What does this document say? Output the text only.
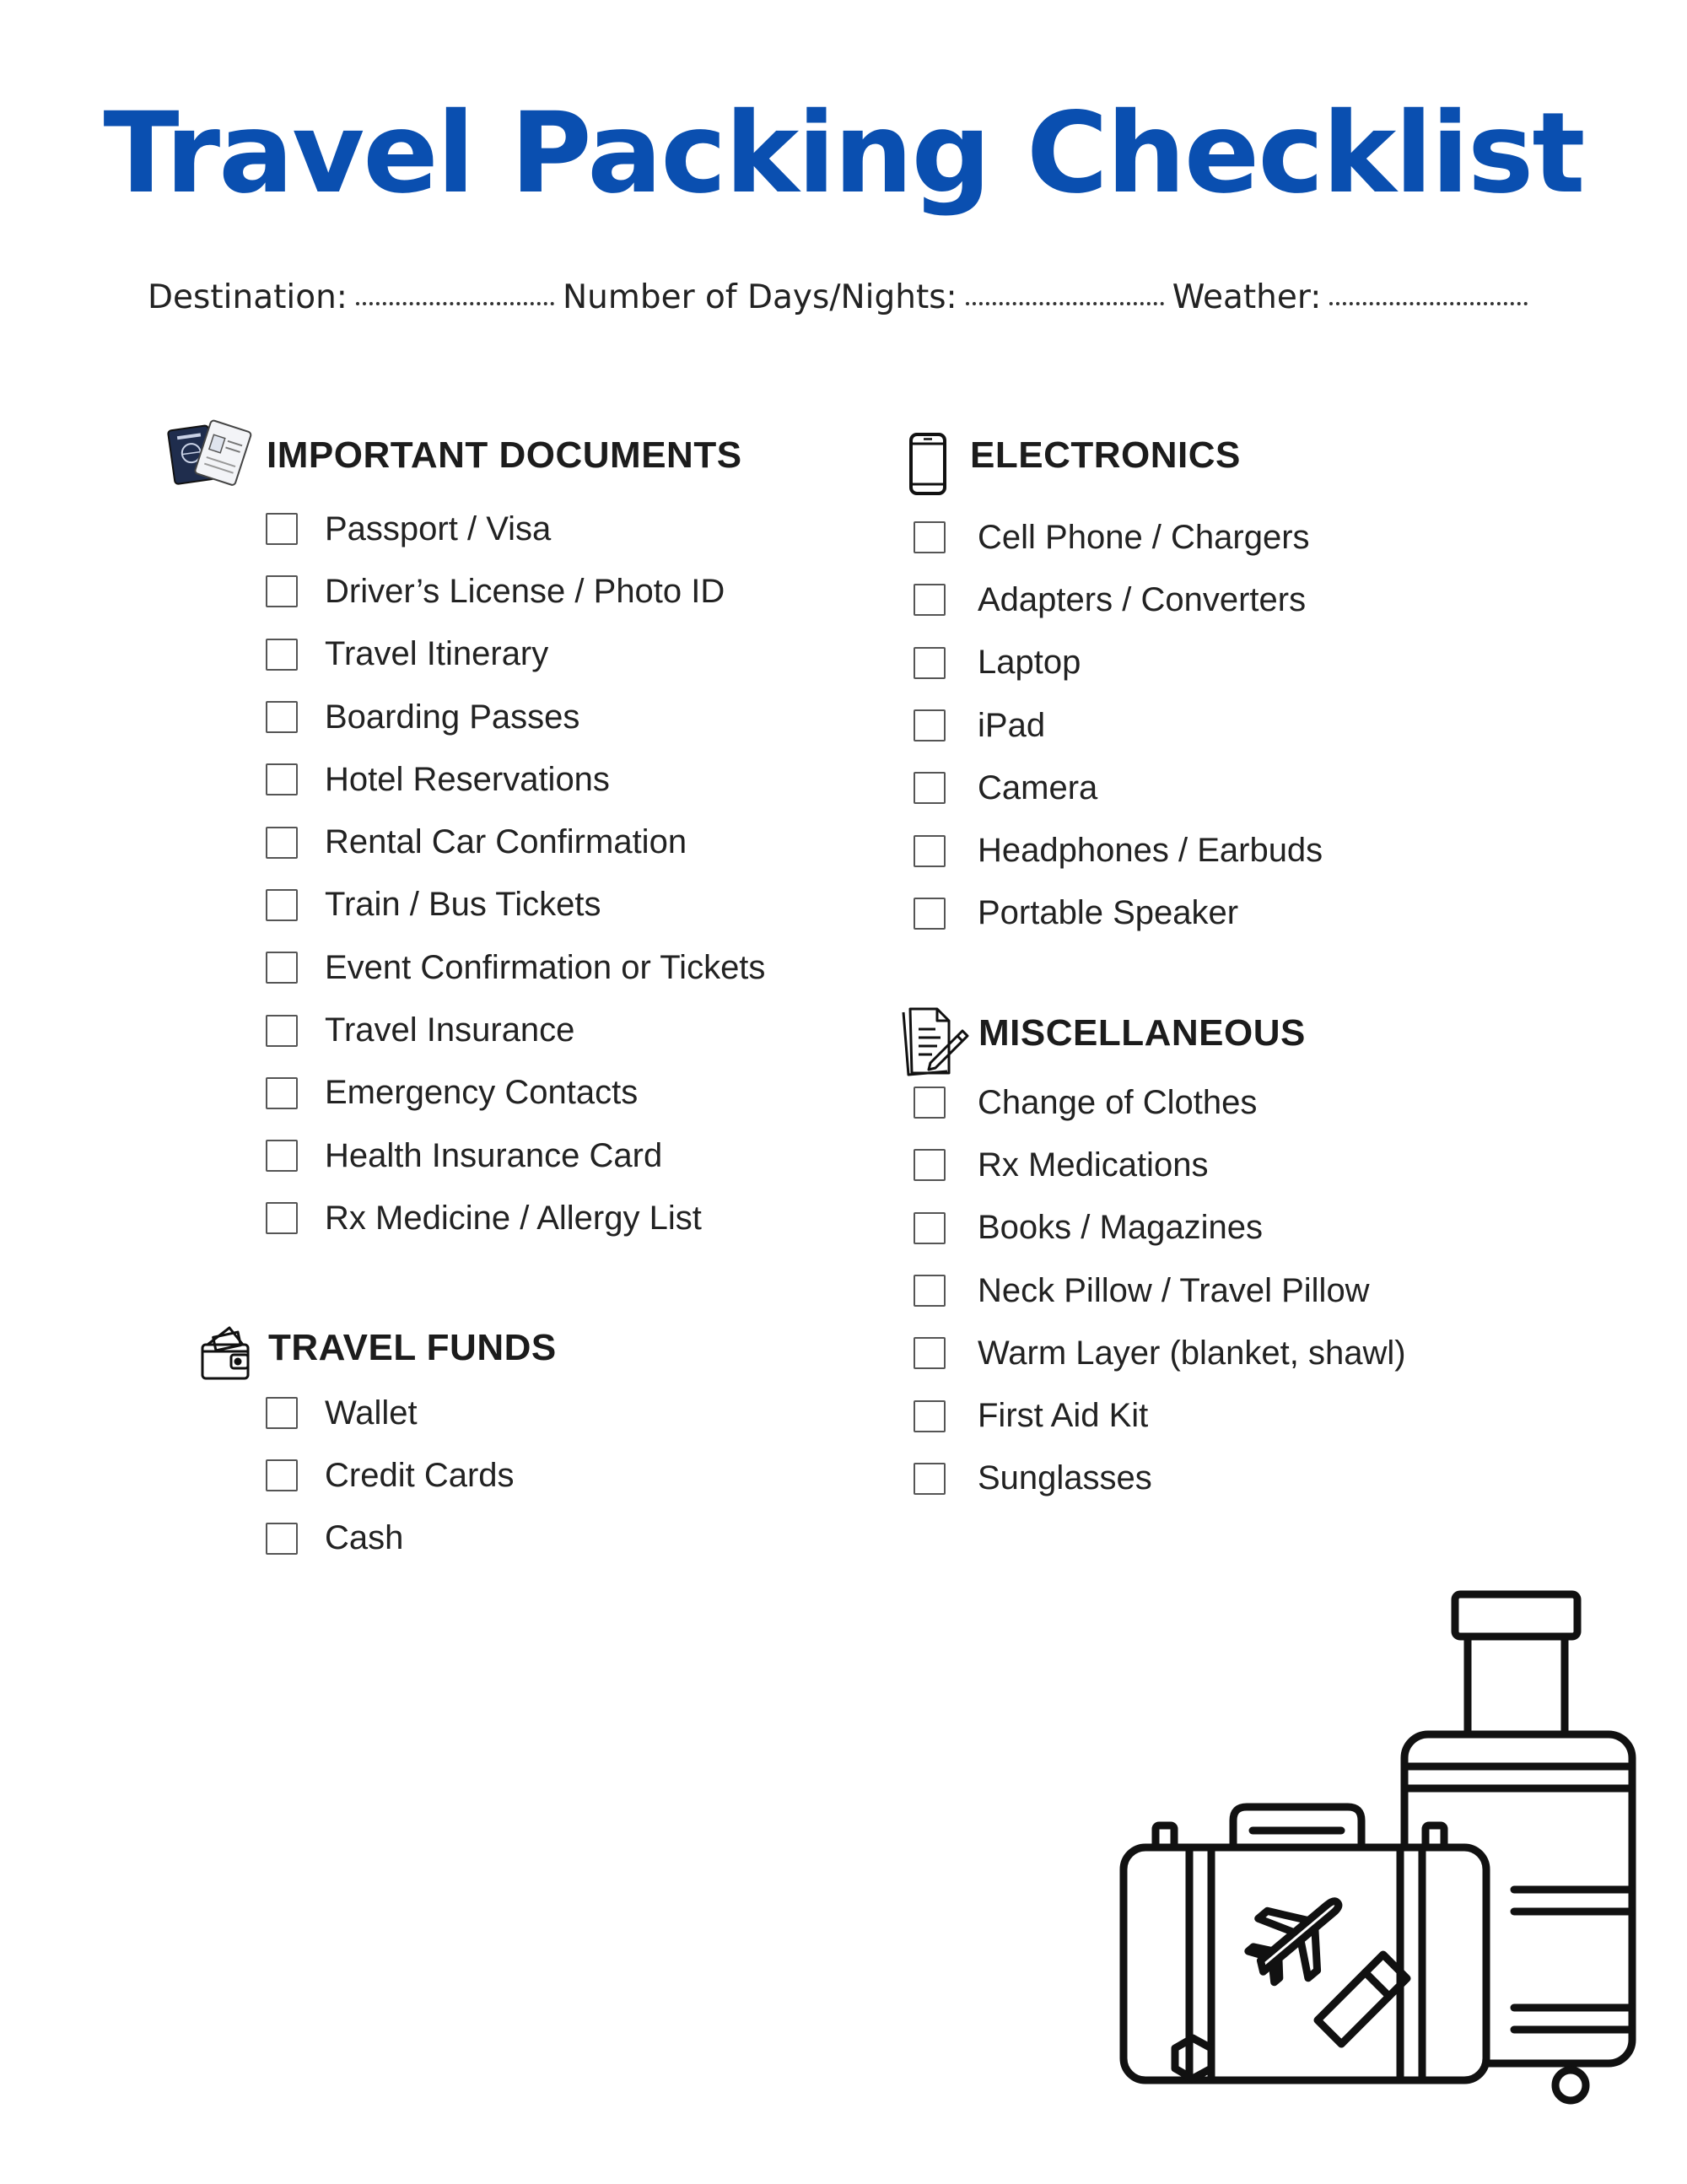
Travel Packing Checklist
Destination:	Number of Days/Nights:	Weather:
IMPORTANT DOCUMENTS
Passport / Visa
Driver’s License / Photo ID
Travel Itinerary
Boarding Passes
Hotel Reservations
Rental Car Confirmation
Train / Bus Tickets
Event Confirmation or Tickets
Travel Insurance
Emergency Contacts
Health Insurance Card
Rx Medicine / Allergy List
TRAVEL FUNDS
Wallet
Credit Cards
Cash
ELECTRONICS
Cell Phone / Chargers
Adapters / Converters
Laptop
iPad
Camera
Headphones / Earbuds
Portable Speaker
MISCELLANEOUS
Change of Clothes
Rx Medications
Books / Magazines
Neck Pillow / Travel Pillow
Warm Layer (blanket, shawl)
First Aid Kit
Sunglasses
